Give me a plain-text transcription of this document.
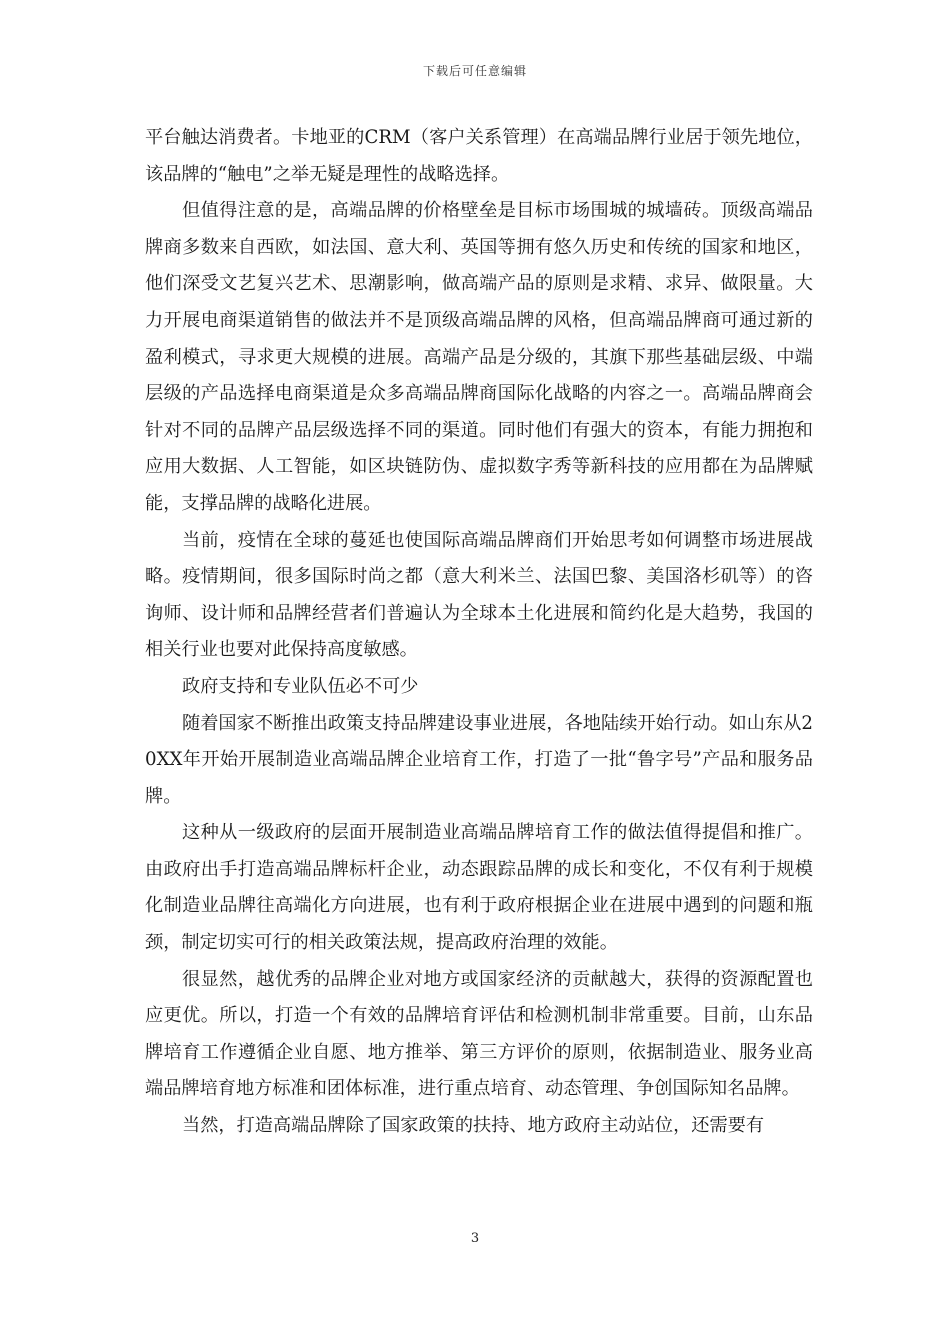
下载后可任意编辑

平台触达消费者。卡地亚的CRM（客户关系管理）在高端品牌行业居于领先地位，该品牌的“触电”之举无疑是理性的战略选择。

但值得注意的是，高端品牌的价格壁垒是目标市场围城的城墙砖。顶级高端品牌商多数来自西欧，如法国、意大利、英国等拥有悠久历史和传统的国家和地区，他们深受文艺复兴艺术、思潮影响，做高端产品的原则是求精、求异、做限量。大力开展电商渠道销售的做法并不是顶级高端品牌的风格，但高端品牌商可通过新的盈利模式，寻求更大规模的进展。高端产品是分级的，其旗下那些基础层级、中端层级的产品选择电商渠道是众多高端品牌商国际化战略的内容之一。高端品牌商会针对不同的品牌产品层级选择不同的渠道。同时他们有强大的资本，有能力拥抱和应用大数据、人工智能，如区块链防伪、虚拟数字秀等新科技的应用都在为品牌赋能，支撑品牌的战略化进展。

当前，疫情在全球的蔓延也使国际高端品牌商们开始思考如何调整市场进展战略。疫情期间，很多国际时尚之都（意大利米兰、法国巴黎、美国洛杉矶等）的咨询师、设计师和品牌经营者们普遍认为全球本土化进展和简约化是大趋势，我国的相关行业也要对此保持高度敏感。

政府支持和专业队伍必不可少

随着国家不断推出政策支持品牌建设事业进展，各地陆续开始行动。如山东从20XX年开始开展制造业高端品牌企业培育工作，打造了一批“鲁字号”产品和服务品牌。

这种从一级政府的层面开展制造业高端品牌培育工作的做法值得提倡和推广。由政府出手打造高端品牌标杆企业，动态跟踪品牌的成长和变化，不仅有利于规模化制造业品牌往高端化方向进展，也有利于政府根据企业在进展中遇到的问题和瓶颈，制定切实可行的相关政策法规，提高政府治理的效能。

很显然，越优秀的品牌企业对地方或国家经济的贡献越大，获得的资源配置也应更优。所以，打造一个有效的品牌培育评估和检测机制非常重要。目前，山东品牌培育工作遵循企业自愿、地方推举、第三方评价的原则，依据制造业、服务业高端品牌培育地方标准和团体标准，进行重点培育、动态管理、争创国际知名品牌。

当然，打造高端品牌除了国家政策的扶持、地方政府主动站位，还需要有

3
